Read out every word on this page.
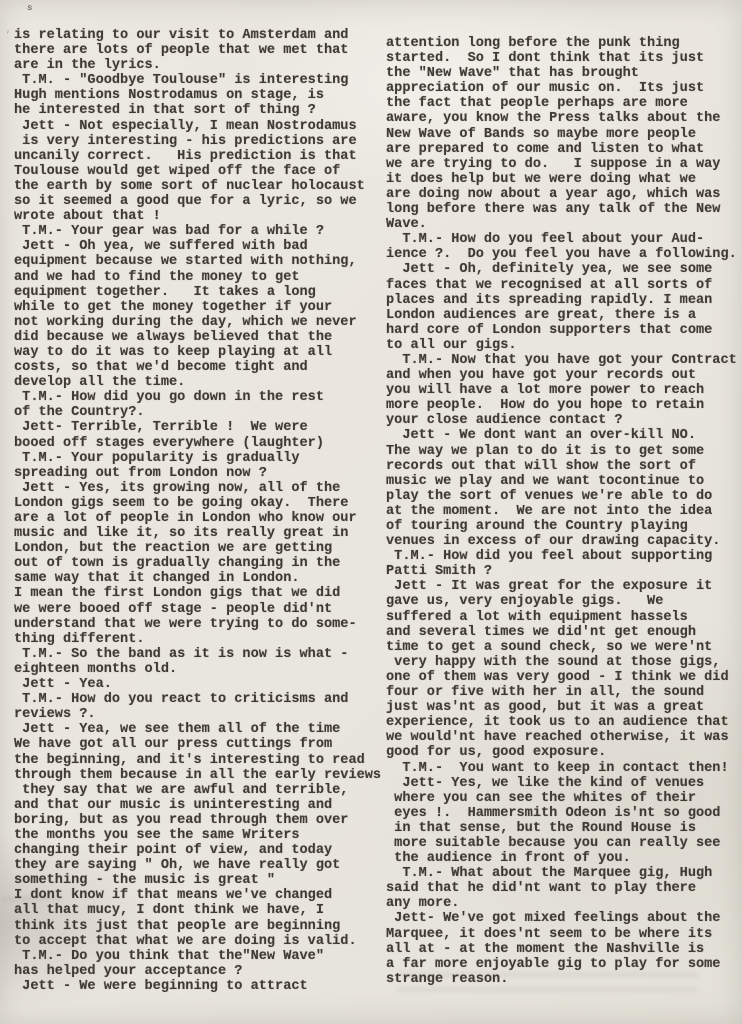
s
, is relating to our visit to Amsterdam and
there are lots of people that we met that
are in the lyrics.
T.M. - "Goodbye Toulouse" is interesting
Hugh mentions Nostrodamus on stage, is
he interested in that sort of thing ?
Jett - Not especially, I mean Nostrodamus
is very interesting - his predictions are
uncanily correct.   His prediction is that
Toulouse would get wiped off the face of
the earth by some sort of nuclear holocaust
so it seemed a good que for a lyric, so we
wrote about that !
T.M.- Your gear was bad for a while ?
Jett - Oh yea, we suffered with bad
equipment because we started with nothing,
and we had to find the money to get
equipment together.   It takes a long
while to get the money together if your
not working during the day, which we never
did because we always believed that the
way to do it was to keep playing at all
costs, so that we'd become tight and
develop all the time.
T.M.- How did you go down in the rest
of the Country?.
Jett- Terrible, Terrible !  We were
booed off stages everywhere (laughter)
T.M.- Your popularity is gradually
spreading out from London now ?
Jett - Yes, its growing now, all of the
London gigs seem to be going okay.  There
are a lot of people in London who know our
music and like it, so its really great in
London, but the reaction we are getting
out of town is gradually changing in the
same way that it changed in London.
I mean the first London gigs that we did
we were booed off stage - people did'nt
understand that we were trying to do some-
thing different.
T.M.- So the band as it is now is what -
eighteen months old.
Jett - Yea.
T.M.- How do you react to criticisms and
reviews ?.
Jett - Yea, we see them all of the time
We have got all our press cuttings from
the beginning, and it's interesting to read
through them because in all the early reviews
they say that we are awful and terrible,
and that our music is uninteresting and
boring, but as you read through them over
the months you see the same Writers
changing their point of view, and today
they are saying " Oh, we have really got
something - the music is great "
I dont know if that means we've changed
all that mucy, I dont think we have, I
think its just that people are beginning
to accept that what we are doing is valid.
T.M.- Do you think that the"New Wave"
has helped your acceptance ?
Jett - We were beginning to attract
attention long before the punk thing
started.  So I dont think that its just
the "New Wave" that has brought
appreciation of our music on.  Its just
the fact that people perhaps are more
aware, you know the Press talks about the
New Wave of Bands so maybe more people
are prepared to come and listen to what
we are trying to do.   I suppose in a way
it does help but we were doing what we
are doing now about a year ago, which was
long before there was any talk of the New
Wave.
T.M.- How do you feel about your Aud-
ience ?.  Do you feel you have a following.
Jett - Oh, definitely yea, we see some
faces that we recognised at all sorts of
places and its spreading rapidly. I mean
London audiences are great, there is a
hard core of London supporters that come
to all our gigs.
T.M.- Now that you have got your Contract
and when you have got your records out
you will have a lot more power to reach
more people.  How do you hope to retain
your close audience contact ?
Jett - We dont want an over-kill NO.
The way we plan to do it is to get some
records out that will show the sort of
music we play and we want tocontinue to
play the sort of venues we're able to do
at the moment.  We are not into the idea
of touring around the Country playing
venues in excess of our drawing capacity.
T.M.- How did you feel about supporting
Patti Smith ?
Jett - It was great for the exposure it
gave us, very enjoyable gigs.   We
suffered a lot with equipment hassels
and several times we did'nt get enough
time to get a sound check, so we were'nt
very happy with the sound at those gigs,
one of them was very good - I think we did
four or five with her in all, the sound
just was'nt as good, but it was a great
experience, it took us to an audience that
we would'nt have reached otherwise, it was
good for us, good exposure.
T.M.-  You want to keep in contact then!
Jett- Yes, we like the kind of venues
where you can see the whites of their
eyes !.  Hammersmith Odeon is'nt so good
in that sense, but the Round House is
more suitable because you can really see
the audience in front of you.
T.M.- What about the Marquee gig, Hugh
said that he did'nt want to play there
any more.
Jett- We've got mixed feelings about the
Marquee, it does'nt seem to be where its
all at - at the moment the Nashville is
a far more enjoyable gig to play for some
strange reason.
